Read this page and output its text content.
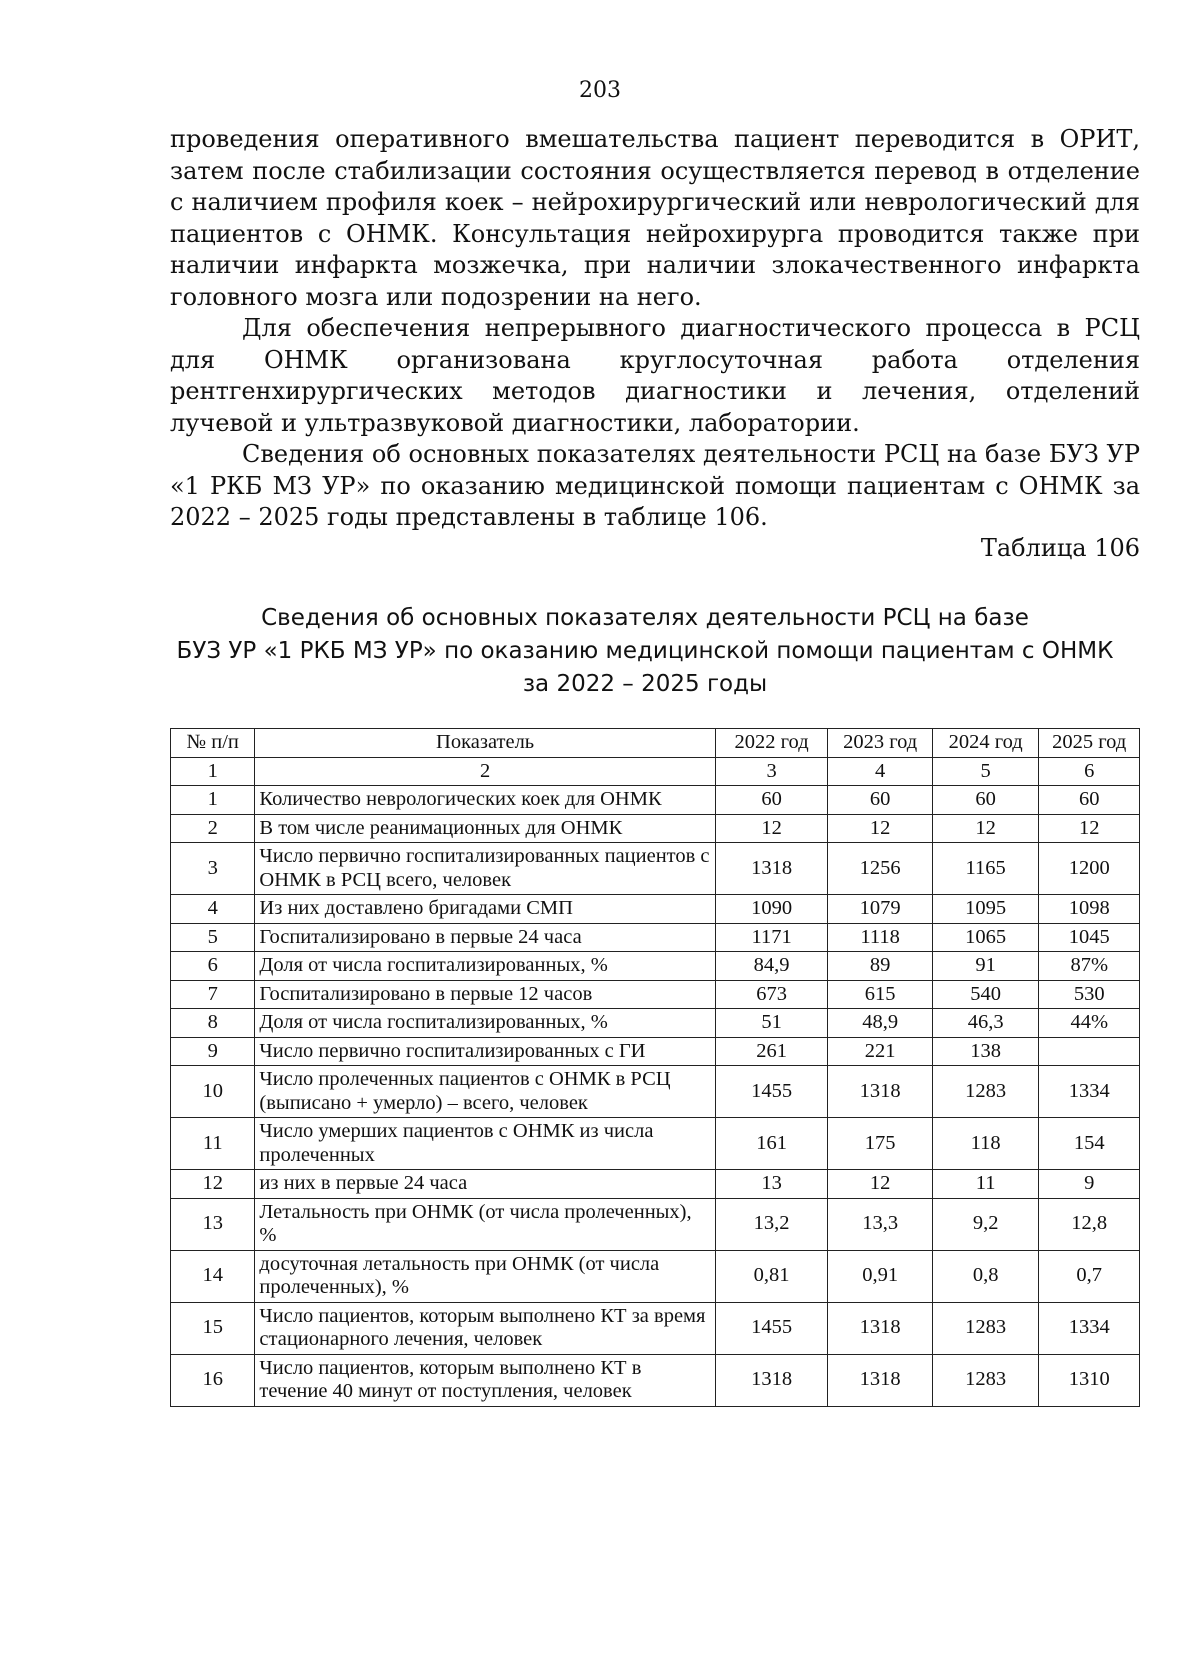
203

проведения оперативного вмешательства пациент переводится в ОРИТ, затем после стабилизации состояния осуществляется перевод в отделение с наличием профиля коек – нейрохирургический или неврологический для пациентов с ОНМК. Консультация нейрохирурга проводится также при наличии инфаркта мозжечка, при наличии злокачественного инфаркта головного мозга или подозрении на него.

Для обеспечения непрерывного диагностического процесса в РСЦ для ОНМК организована круглосуточная работа отделения рентгенхирургических методов диагностики и лечения, отделений лучевой и ультразвуковой диагностики, лаборатории.

Сведения об основных показателях деятельности РСЦ на базе БУЗ УР «1 РКБ МЗ УР» по оказанию медицинской помощи пациентам с ОНМК за 2022 – 2025 годы представлены в таблице 106.

Таблица 106
Сведения об основных показателях деятельности РСЦ на базе
БУЗ УР «1 РКБ МЗ УР» по оказанию медицинской помощи пациентам с ОНМК
за 2022 – 2025 годы
№ п/п	Показатель	2022 год	2023 год	2024 год	2025 год
1	2	3	4	5	6
1	Количество неврологических коек для ОНМК	60	60	60	60
2	В том числе реанимационных для ОНМК	12	12	12	12
3	Число первично госпитализированных пациентов с ОНМК в РСЦ всего, человек	1318	1256	1165	1200
4	Из них доставлено бригадами СМП	1090	1079	1095	1098
5	Госпитализировано в первые 24 часа	1171	1118	1065	1045
6	Доля от числа госпитализированных, %	84,9	89	91	87%
7	Госпитализировано в первые 12 часов	673	615	540	530
8	Доля от числа госпитализированных, %	51	48,9	46,3	44%
9	Число первично госпитализированных с ГИ	261	221	138	
10	Число пролеченных пациентов с ОНМК в РСЦ (выписано + умерло) – всего, человек	1455	1318	1283	1334
11	Число умерших пациентов с ОНМК из числа пролеченных	161	175	118	154
12	из них в первые 24 часа	13	12	11	9
13	Летальность при ОНМК (от числа пролеченных), %	13,2	13,3	9,2	12,8
14	досуточная летальность при ОНМК (от числа пролеченных), %	0,81	0,91	0,8	0,7
15	Число пациентов, которым выполнено КТ за время стационарного лечения, человек	1455	1318	1283	1334
16	Число пациентов, которым выполнено КТ в течение 40 минут от поступления, человек	1318	1318	1283	1310
